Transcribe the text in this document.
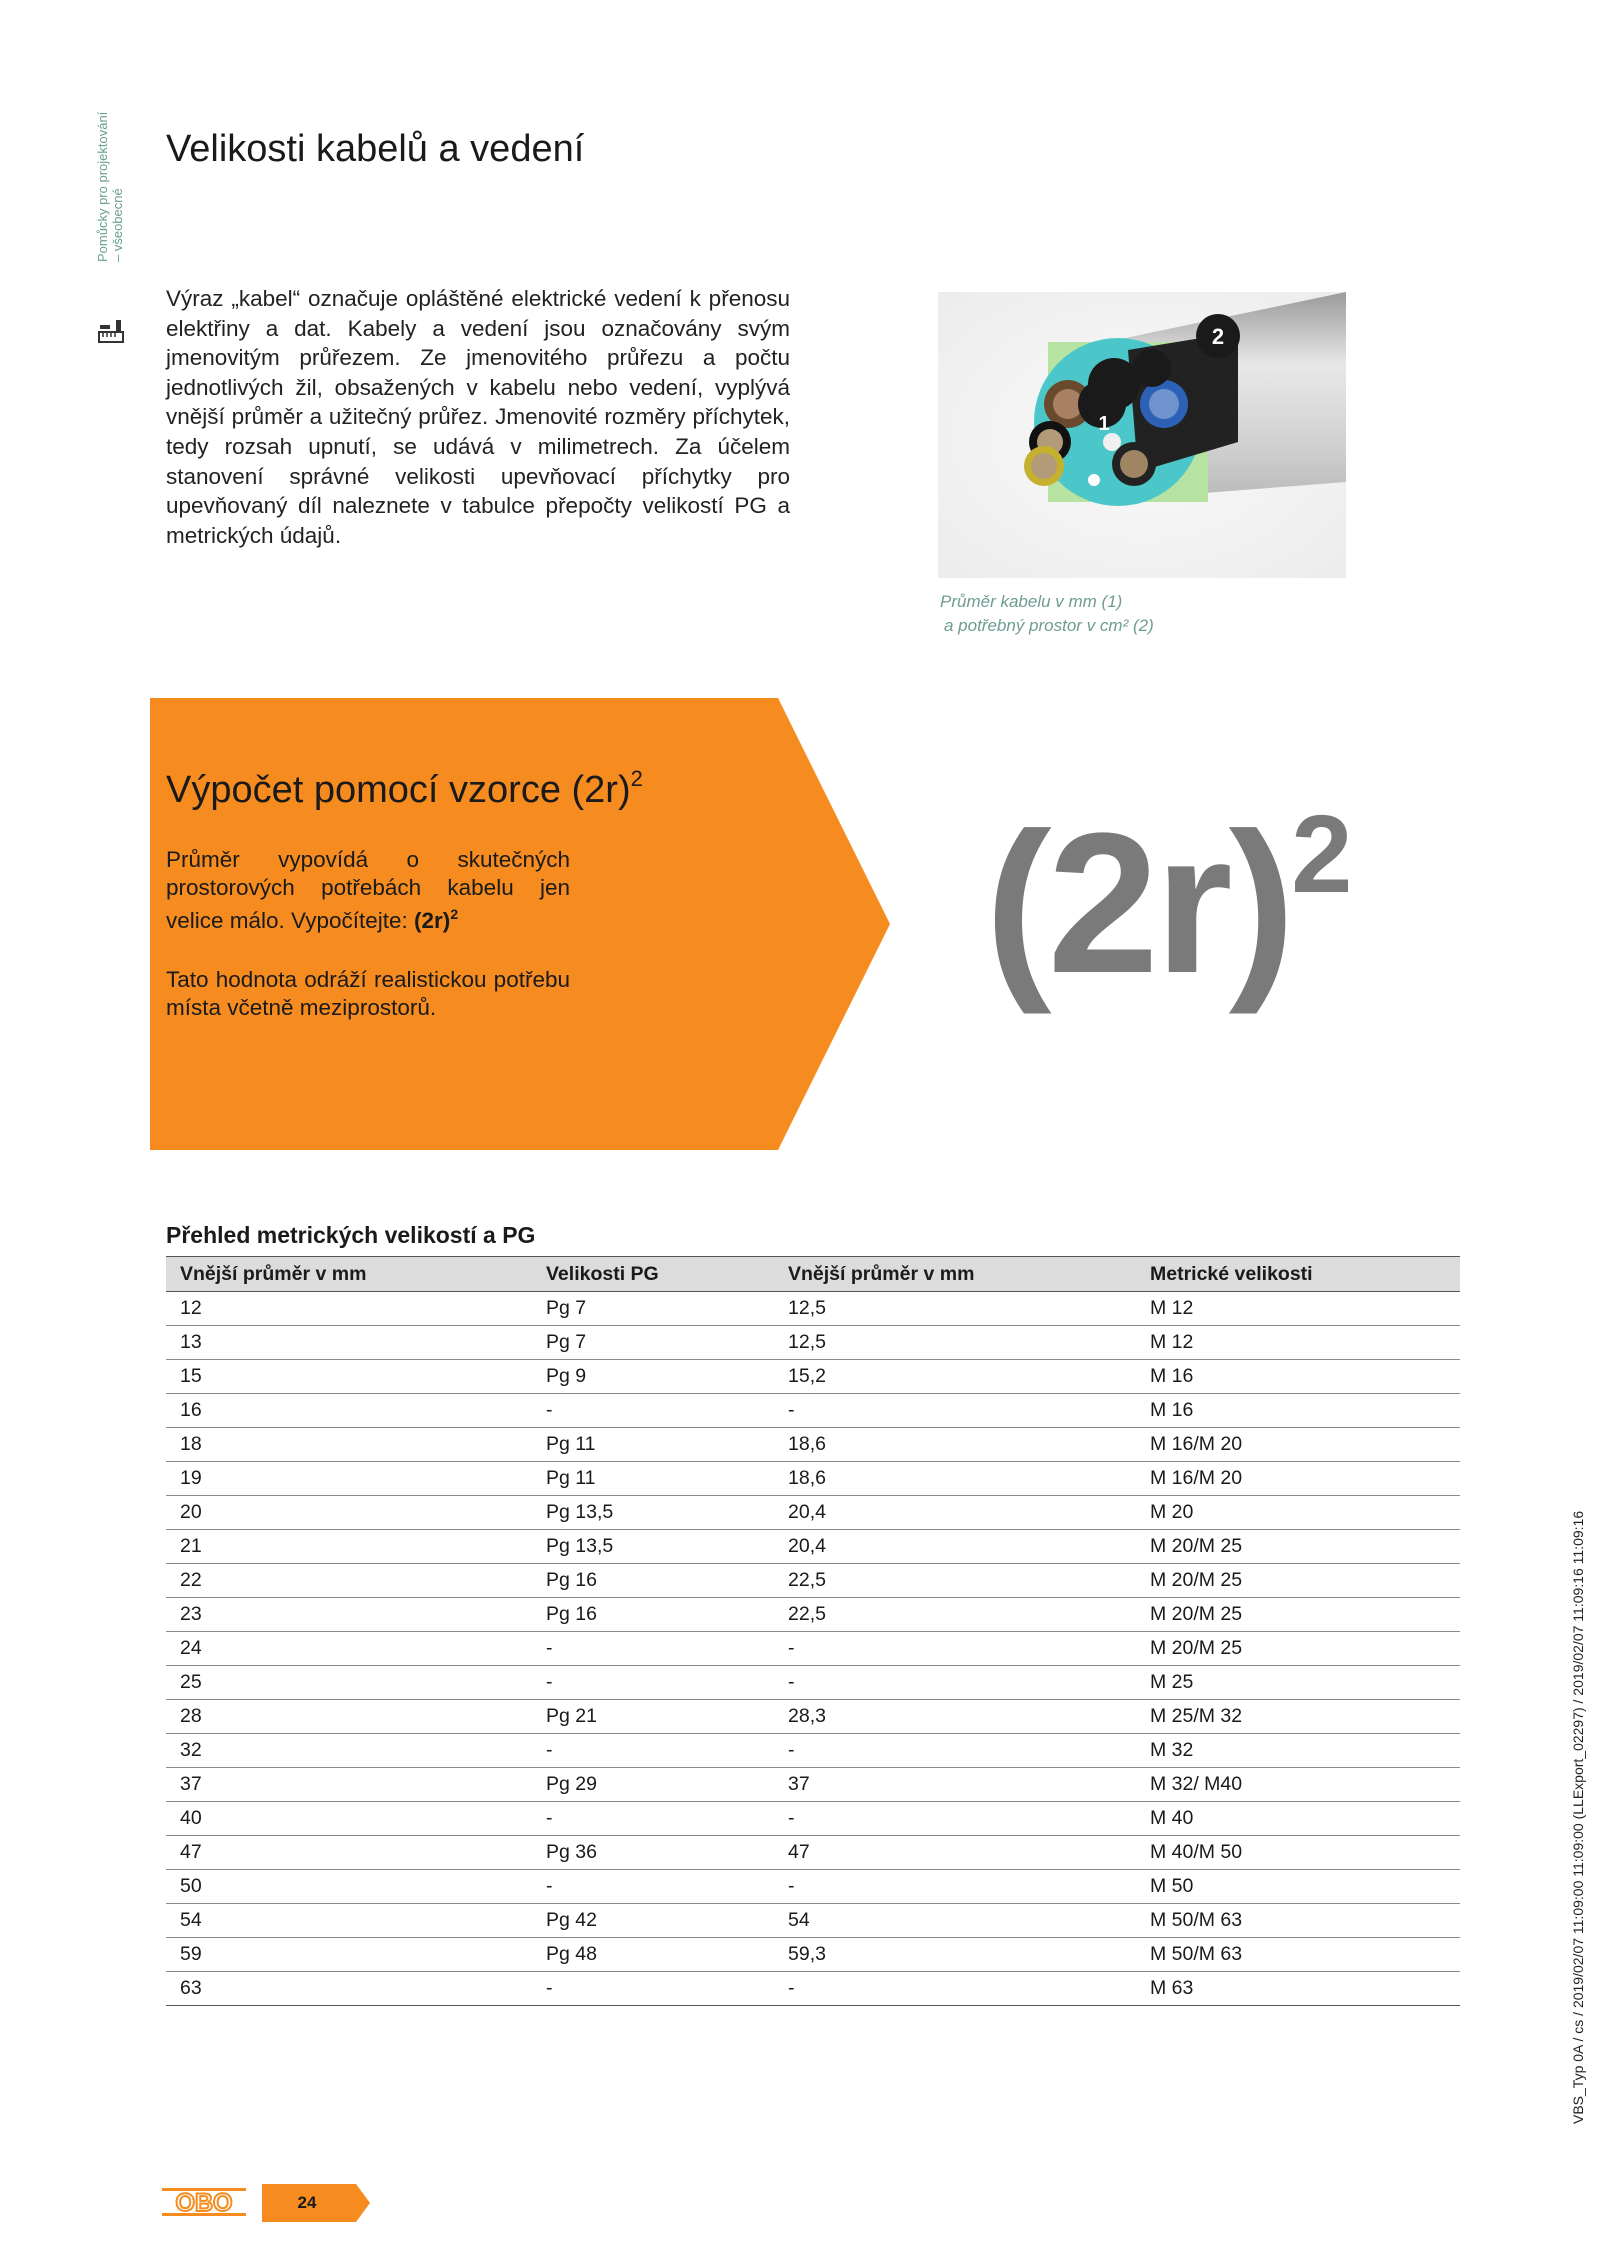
Pomůcky pro projektování – všeobecné
Velikosti kabelů a vedení

Výraz „kabel“ označuje opláštěné elektrické vedení k přenosu elektřiny a dat. Kabely a vedení jsou označovány svým jmenovitým průřezem. Ze jmenovitého průřezu a počtu jednotlivých žil, obsažených v kabelu nebo vedení, vyplývá vnější průměr a užitečný průřez. Jmenovité rozměry příchytek, tedy rozsah upnutí, se udává v milimetrech. Za účelem stanovení správné velikosti upevňovací příchytky pro upevňovaný díl naleznete v tabulce přepočty velikostí PG a metrických údajů.

1
2

Průměr kabelu v mm (1)
a potřebný prostor v cm² (2)

Výpočet pomocí vzorce $(2r)^2$

Průměr vypovídá o skutečných prostorových potřebách kabelu jen velice málo. Vypočítejte: $(2r)^2$

Tato hodnota odráží realistickou potřebu místa včetně meziprostorů.	$(2r)^2$
Přehled metrických velikostí a PG
Vnější průměr v mm	Velikosti PG	Vnější průměr v mm	Metrické velikosti
12	Pg 7	12,5	M 12
13	Pg 7	12,5	M 12
15	Pg 9	15,2	M 16
16	-	-	M 16
18	Pg 11	18,6	M 16/M 20
19	Pg 11	18,6	M 16/M 20
20	Pg 13,5	20,4	M 20
21	Pg 13,5	20,4	M 20/M 25
22	Pg 16	22,5	M 20/M 25
23	Pg 16	22,5	M 20/M 25
24	-	-	M 20/M 25
25	-	-	M 25
28	Pg 21	28,3	M 25/M 32
32	-	-	M 32
37	Pg 29	37	M 32/ M40
40	-	-	M 40
47	Pg 36	47	M 40/M 50
50	-	-	M 50
54	Pg 42	54	M 50/M 63
59	Pg 48	59,3	M 50/M 63
63	-	-	M 63	VBS_Typ 0A / cs / 2019/02/07 11:09:00 11:09:00 (LLExport_02297) / 2019/02/07 11:09:16 11:09:16
OBO	24
